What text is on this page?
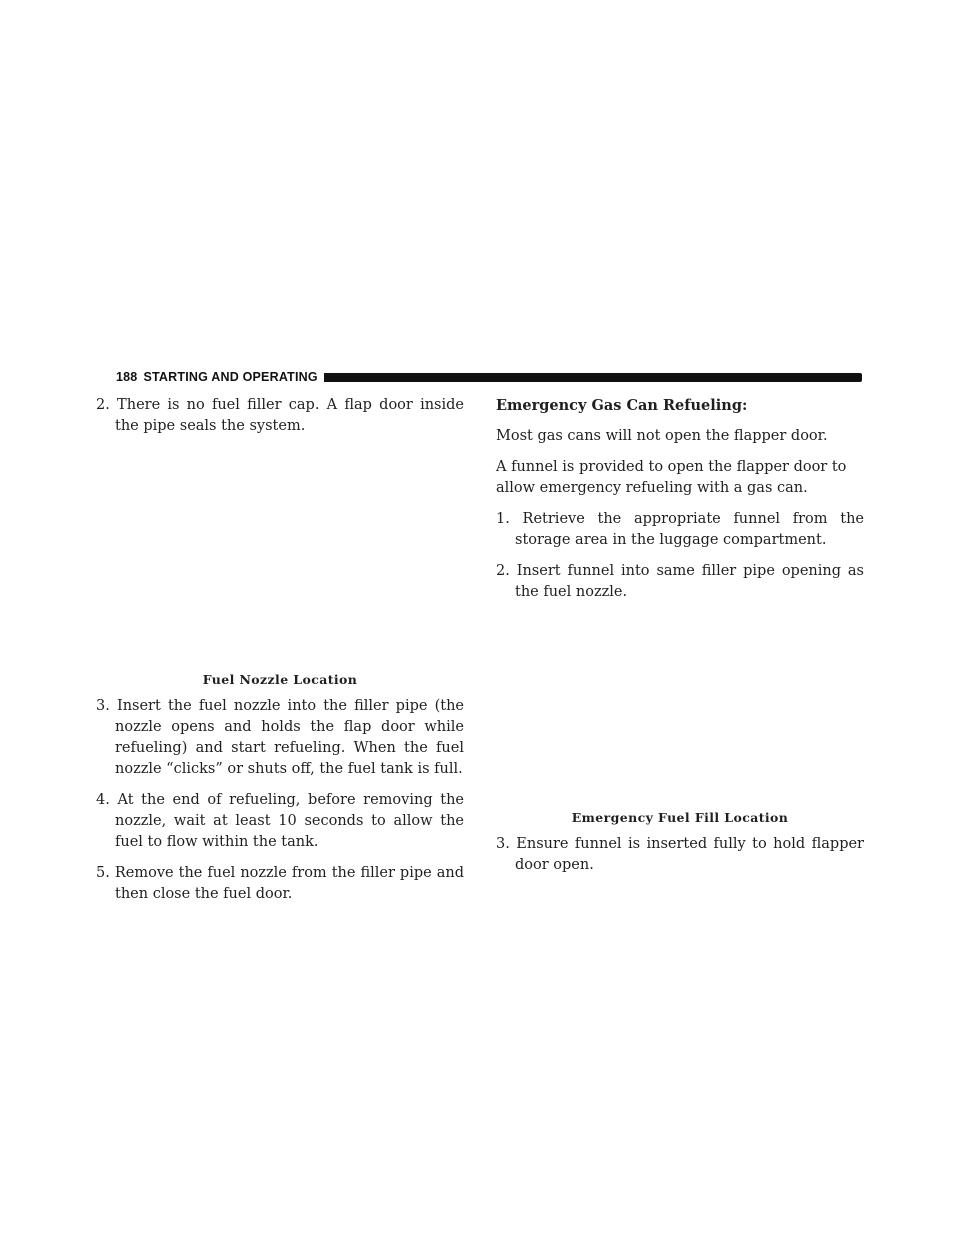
188 STARTING AND OPERATING

2. There is no fuel filler cap. A flap door inside the pipe seals the system.

Fuel Nozzle Location

3. Insert the fuel nozzle into the filler pipe (the nozzle opens and holds the flap door while refueling) and start refueling. When the fuel nozzle “clicks” or shuts off, the fuel tank is full.

4. At the end of refueling, before removing the nozzle, wait at least 10 seconds to allow the fuel to flow within the tank.

5. Remove the fuel nozzle from the filler pipe and then close the fuel door.

Emergency Gas Can Refueling:

Most gas cans will not open the flapper door.

A funnel is provided to open the flapper door to allow emergency refueling with a gas can.

1. Retrieve the appropriate funnel from the storage area in the luggage compartment.

2. Insert funnel into same filler pipe opening as the fuel nozzle.

Emergency Fuel Fill Location

3. Ensure funnel is inserted fully to hold flapper door open.
